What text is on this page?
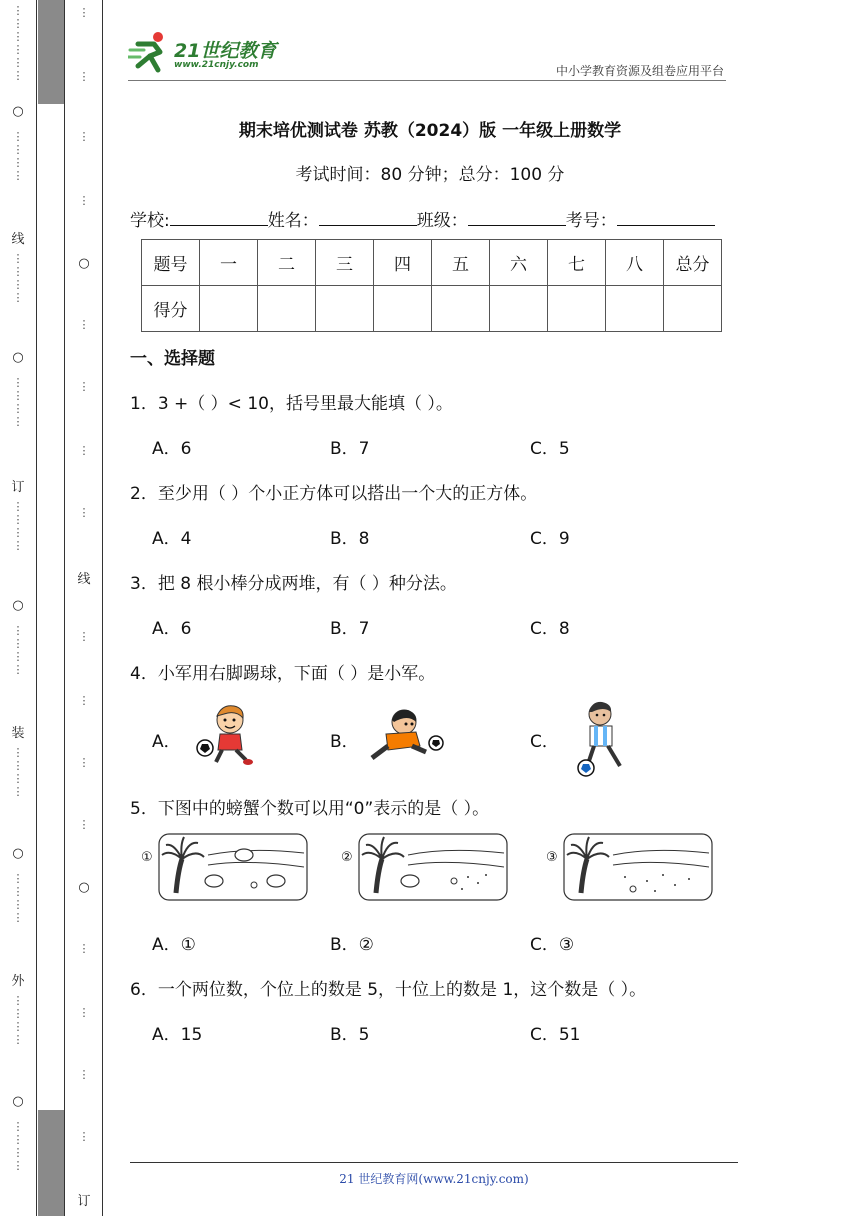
⋮
⋮
⋮
⋮
⋮
⋮
○
⋮
⋮
⋮
⋮
线
⋮
⋮
⋮
⋮
○
⋮
⋮
⋮
⋮
订
⋮
⋮
⋮
⋮
○
⋮
⋮
⋮
⋮
装
⋮
⋮
⋮
⋮
○
⋮
⋮
⋮
⋮
外
⋮
⋮
⋮
⋮
○
⋮
⋮
⋮
⋮
⋮
⋮
⋮
⋮
○
⋮
⋮
⋮
⋮
线
⋮
⋮
⋮
⋮
○
⋮
⋮
⋮
⋮
订
21世纪教育
www.21cnjy.com	中小学教育资源及组卷应用平台
期末培优测试卷 苏教（2024）版 一年级上册数学
考试时间：80 分钟；总分：100 分
学校:	姓名：	班级：	考号：
题号	一	二	三	四	五	六	七	八	总分
得分									
一、选择题
1．3 +（ ）< 10，括号里最大能填（ ）。
A．6	B．7	C．5
2．至少用（ ）个小正方体可以搭出一个大的正方体。
A．4	B．8	C．9
3．把 8 根小棒分成两堆，有（ ）种分法。
A．6	B．7	C．8
4．小军用右脚踢球，下面（ ）是小军。
A．	B．	C．
5．下图中的螃蟹个数可以用“0”表示的是（ ）。
①	②	③
A．①	B．②	C．③
6．一个两位数，个位上的数是 5，十位上的数是 1，这个数是（ ）。
A．15	B．5	C．51
21 世纪教育网(www.21cnjy.com)
